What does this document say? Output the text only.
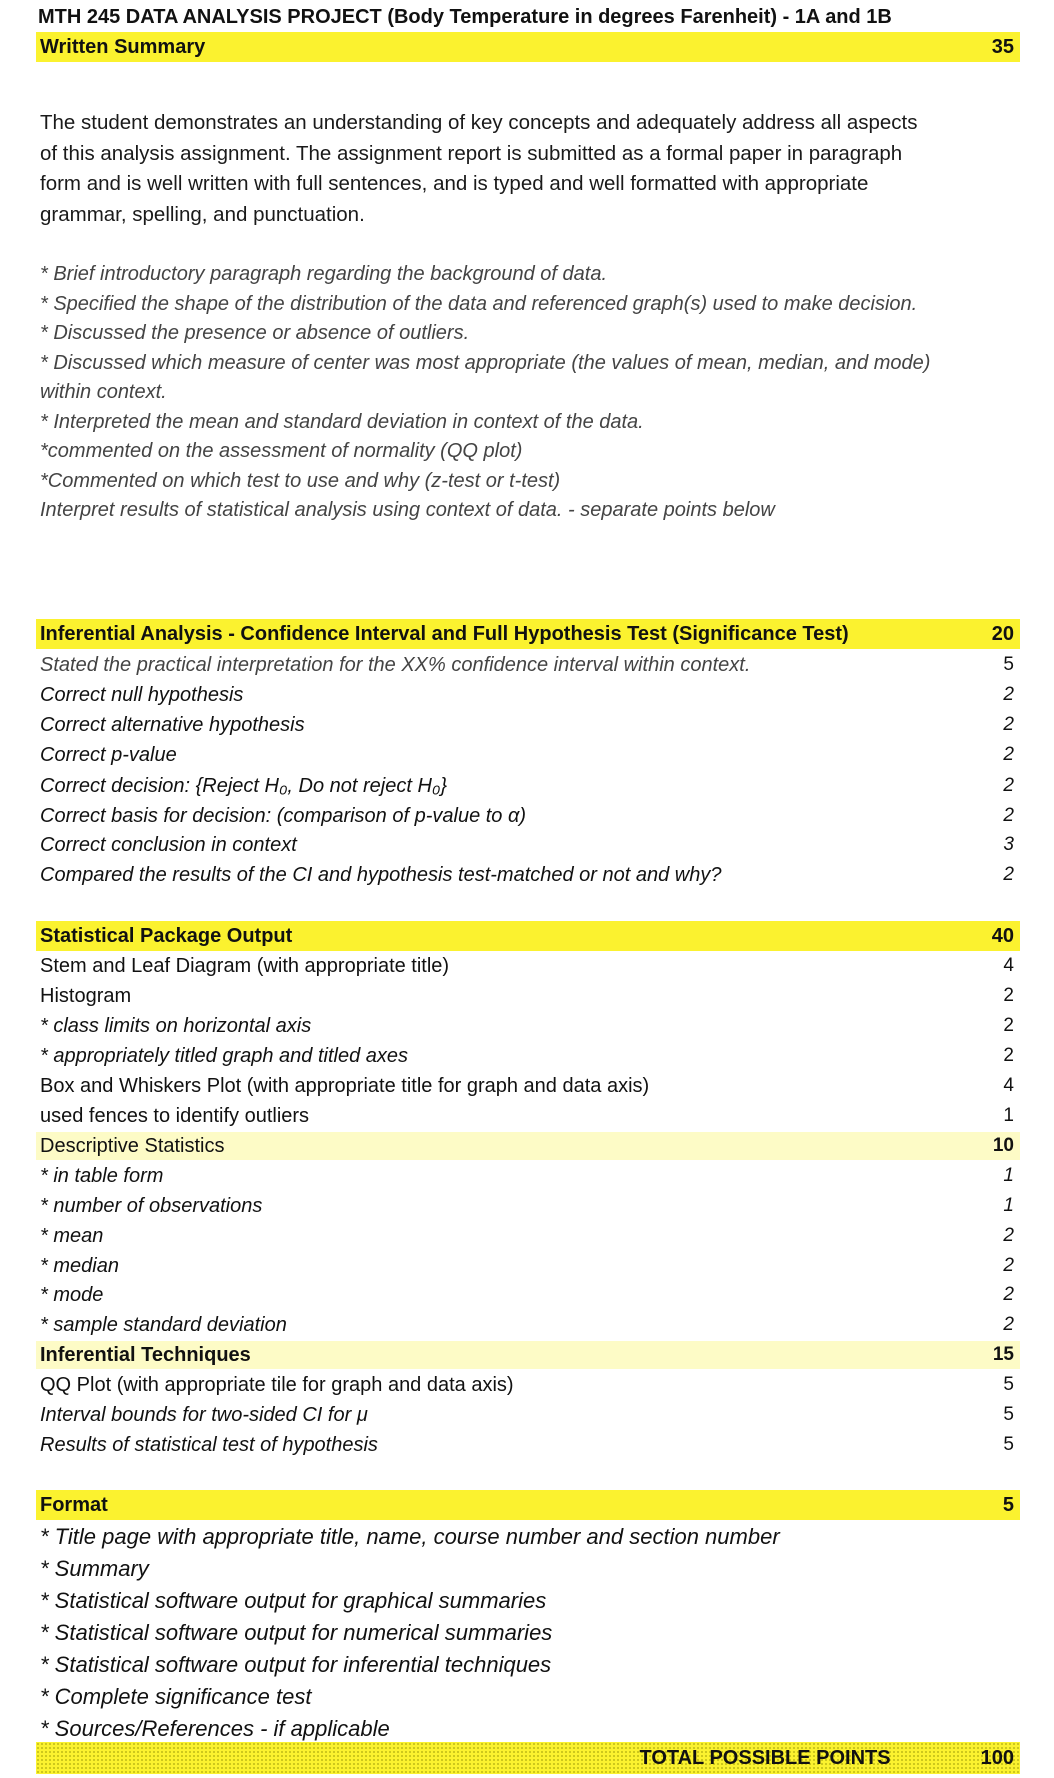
MTH 245 DATA ANALYSIS PROJECT (Body Temperature in degrees Farenheit) - 1A and 1B
Written Summary	35
The student demonstrates an understanding of key concepts and adequately address all aspects of this analysis assignment. The assignment report is submitted as a formal paper in paragraph form and is well written with full sentences, and is typed and well formatted with appropriate grammar, spelling, and punctuation.
* Brief introductory paragraph regarding the background of data.
* Specified the shape of the distribution of the data and referenced graph(s) used to make decision.
* Discussed the presence or absence of outliers.
* Discussed which measure of center was most appropriate (the values of mean, median, and mode) within context.
* Interpreted the mean and standard deviation in context of the data.
*commented on the assessment of normality (QQ plot)
*Commented on which test to use and why (z-test or t-test)
Interpret results of statistical analysis using context of data. - separate points below
Inferential Analysis - Confidence Interval and Full Hypothesis Test (Significance Test)	20
Stated the practical interpretation for the XX% confidence interval within context.	5
Correct null hypothesis	2
Correct alternative hypothesis	2
Correct p-value	2
Correct decision: {Reject H₀, Do not reject H₀}	2
Correct basis for decision: (comparison of p-value to α)	2
Correct conclusion in context	3
Compared the results of the CI and hypothesis test-matched or not and why?	2
Statistical Package Output	40
Stem and Leaf Diagram (with appropriate title)	4
Histogram	2
* class limits on horizontal axis	2
* appropriately titled graph and titled axes	2
Box and Whiskers Plot (with appropriate title for graph and data axis)	4
used fences to identify outliers	1
Descriptive Statistics	10
* in table form	1
* number of observations	1
* mean	2
* median	2
* mode	2
* sample standard deviation	2
Inferential Techniques	15
QQ Plot (with appropriate tile for graph and data axis)	5
Interval bounds for two-sided CI for μ	5
Results of statistical test of hypothesis	5
Format	5
* Title page with appropriate title, name, course number and section number
* Summary
* Statistical software output for graphical summaries
* Statistical software output for numerical summaries
* Statistical software output for inferential techniques
* Complete significance test
* Sources/References - if applicable
TOTAL POSSIBLE POINTS	100
